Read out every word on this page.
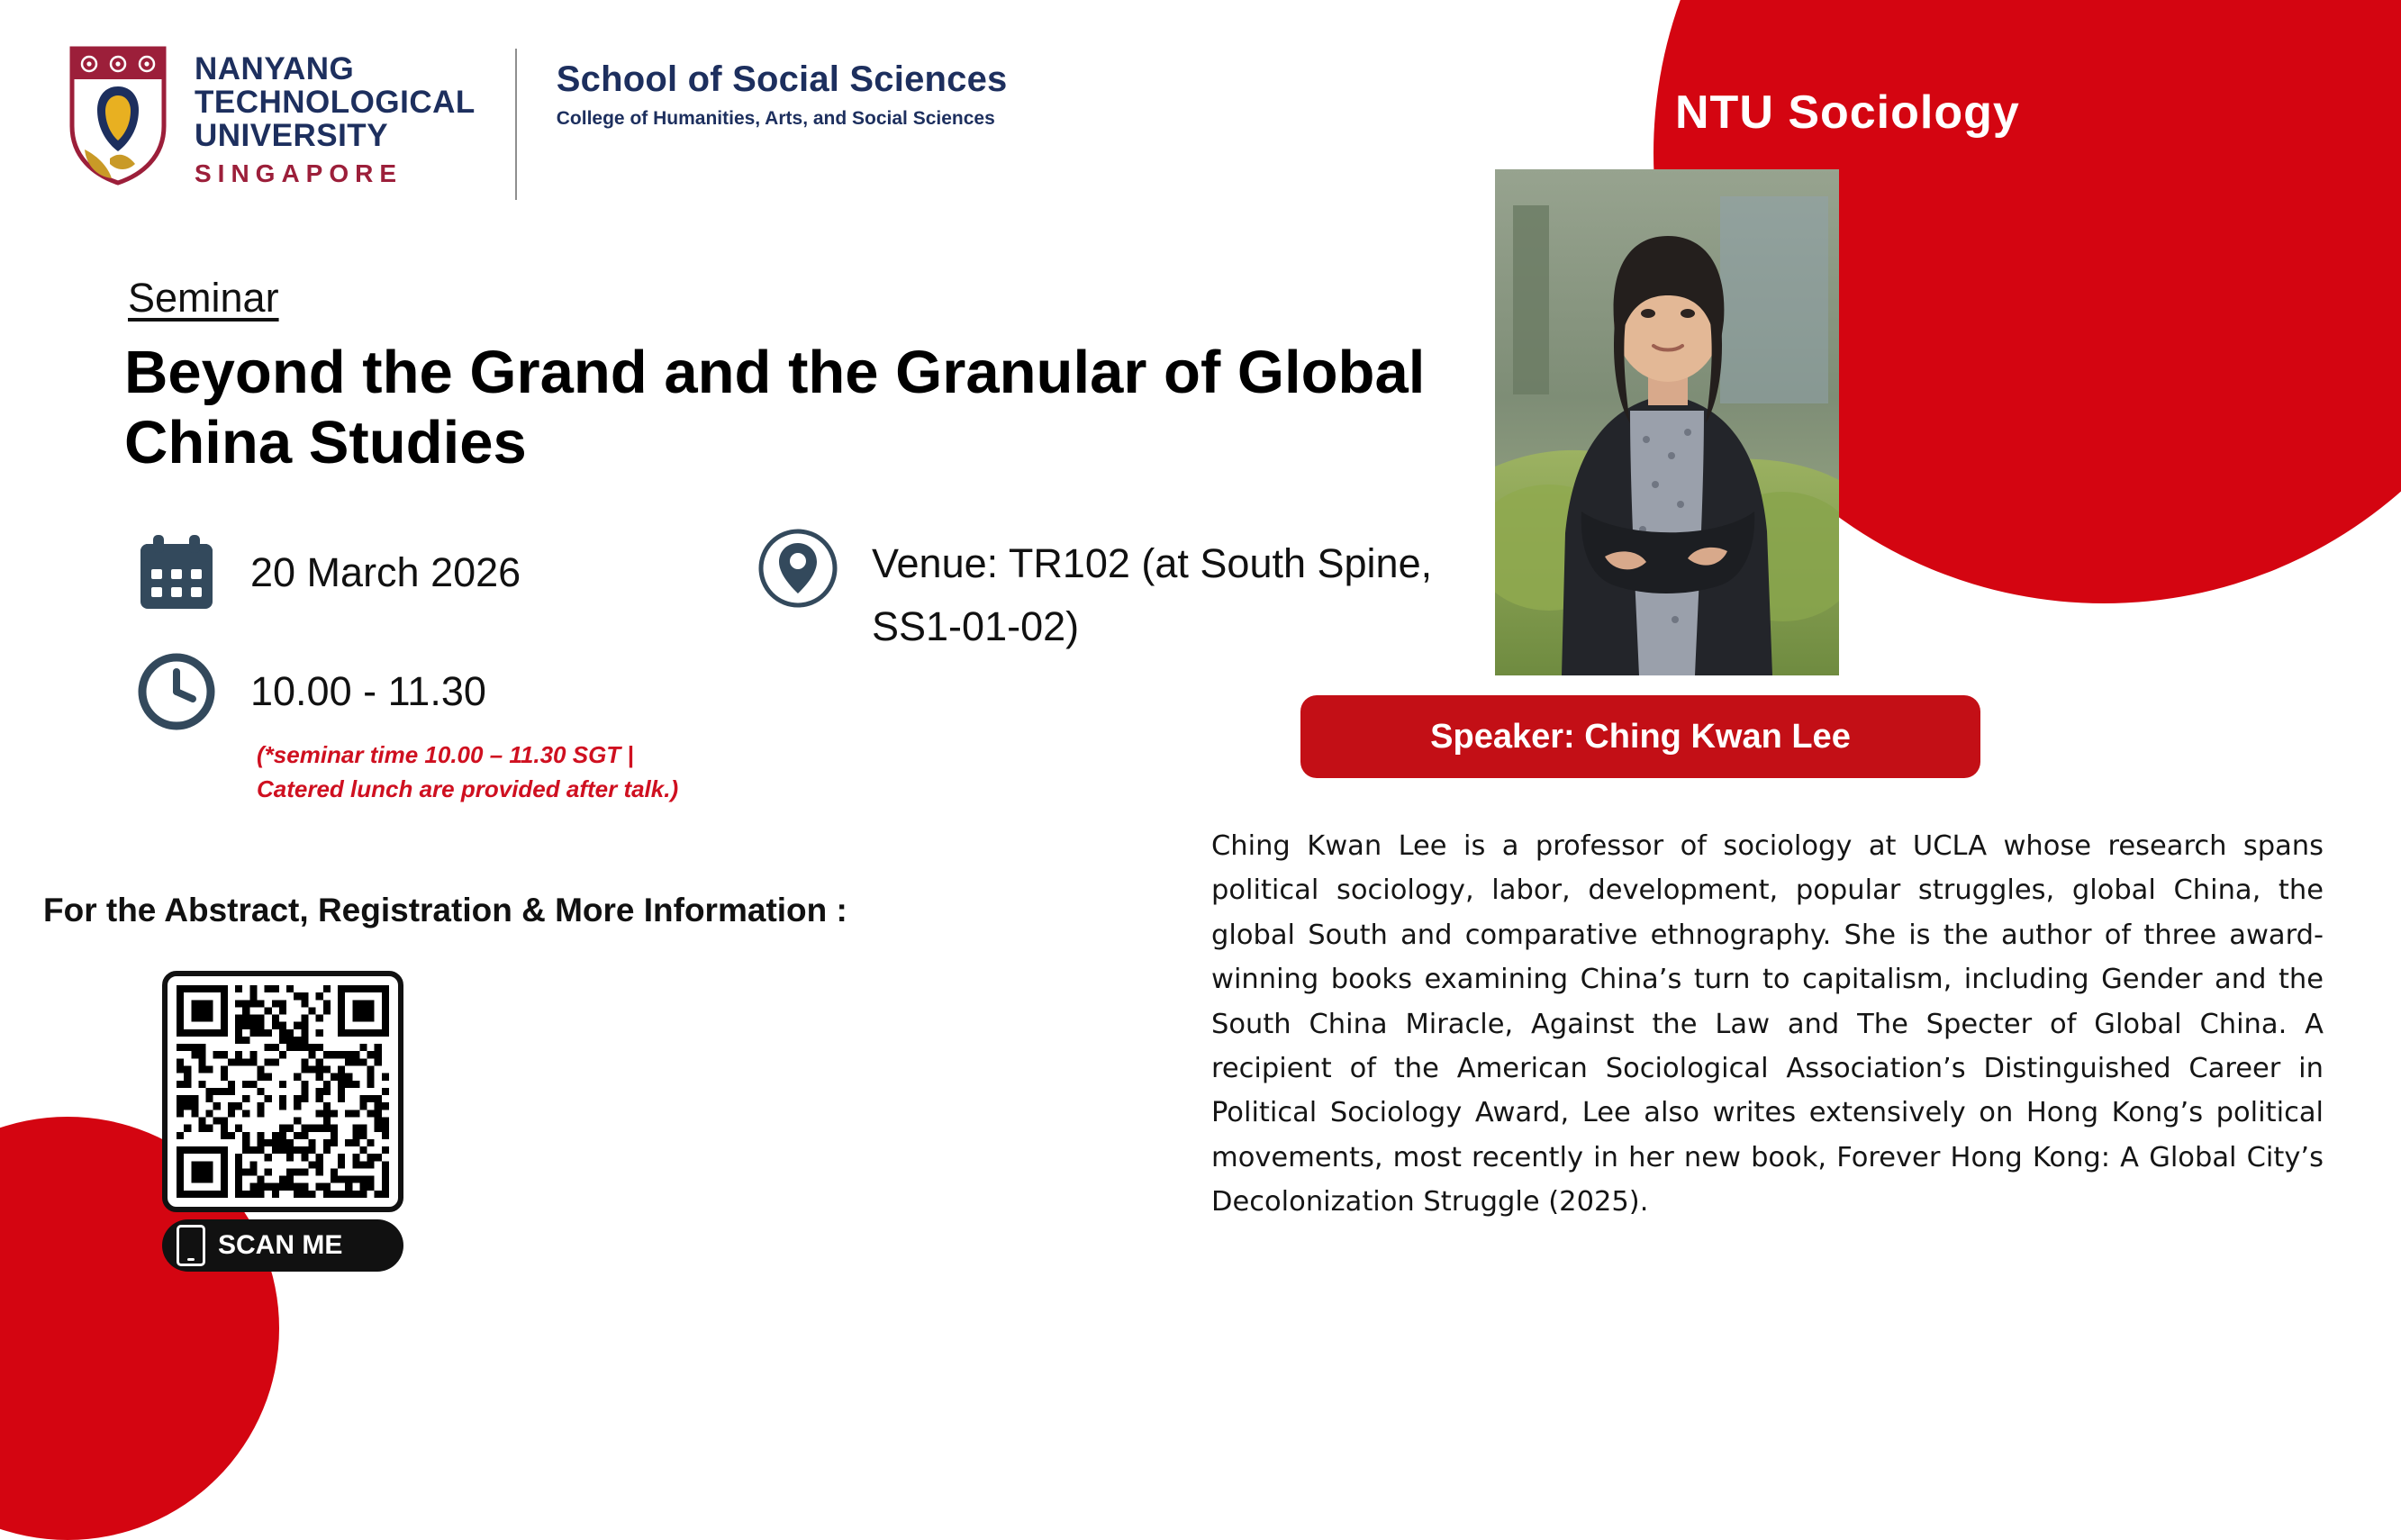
NANYANG
TECHNOLOGICAL
UNIVERSITY
SINGAPORE
School of Social Sciences
College of Humanities, Arts, and Social Sciences	NTU Sociology
Seminar
Beyond the Grand and the Granular of Global China Studies
20 March 2026
10.00 - 11.30
Venue: TR102 (at South Spine, SS1-01-02)
(*seminar time 10.00 – 11.30 SGT |
Catered lunch are provided after talk.)
For the Abstract, Registration & More Information :
SCAN ME
Speaker: Ching Kwan Lee
Ching Kwan Lee is a professor of sociology at UCLA whose research spans political sociology, labor, development, popular struggles, global China, the global South and comparative ethnography. She is the author of three award-winning books examining China’s turn to capitalism, including Gender and the South China Miracle, Against the Law and The Specter of Global China. A recipient of the American Sociological Association’s Distinguished Career in Political Sociology Award, Lee also writes extensively on Hong Kong’s political movements, most recently in her new book, Forever Hong Kong: A Global City’s Decolonization Struggle (2025).
